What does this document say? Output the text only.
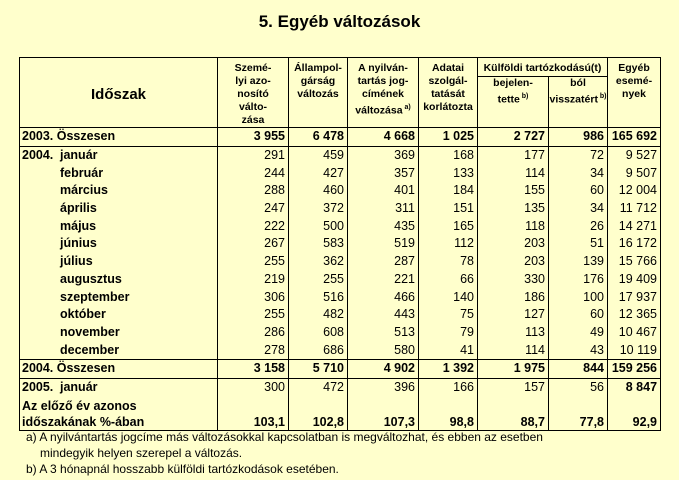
5. Egyéb változások
Időszak	Szemé-
lyi azo-
nosító
válto-
zása	Állampol-
gárság
változás	A nyilván-
tartás jog-
címének
változása $^{a)}$	Adatai
szolgál-
tatását
korlátozta	Külföldi tartózkodású(t)		Egyéb
esemé-
nyek
					bejelen-
tette $^{b)}$	ból
visszatért $^{b)}$
2003. Összesen	3 955	6 478	4 668	1 025	2 727	986	165 692
2004. január	291	459	369	168	177	72	9 527
február	244	427	357	133	114	34	9 507
március	288	460	401	184	155	60	12 004
április	247	372	311	151	135	34	11 712
május	222	500	435	165	118	26	14 271
június	267	583	519	112	203	51	16 172
július	255	362	287	78	203	139	15 766
augusztus	219	255	221	66	330	176	19 409
szeptember	306	516	466	140	186	100	17 937
október	255	482	443	75	127	60	12 365
november	286	608	513	79	113	49	10 467
december	278	686	580	41	114	43	10 119
2004. Összesen	3 158	5 710	4 902	1 392	1 975	844	159 256
2005. január	300	472	396	166	157	56	8 847

Az előző év azonos
időszakának %-ában	103,1	102,8	107,3	98,8	88,7	77,8	92,9
a) A nyilvántartás jogcíme más változásokkal kapcsolatban is megváltozhat, és ebben az esetben
mindegyik helyen szerepel a változás.
b) A 3 hónapnál hosszabb külföldi tartózkodások esetében.
